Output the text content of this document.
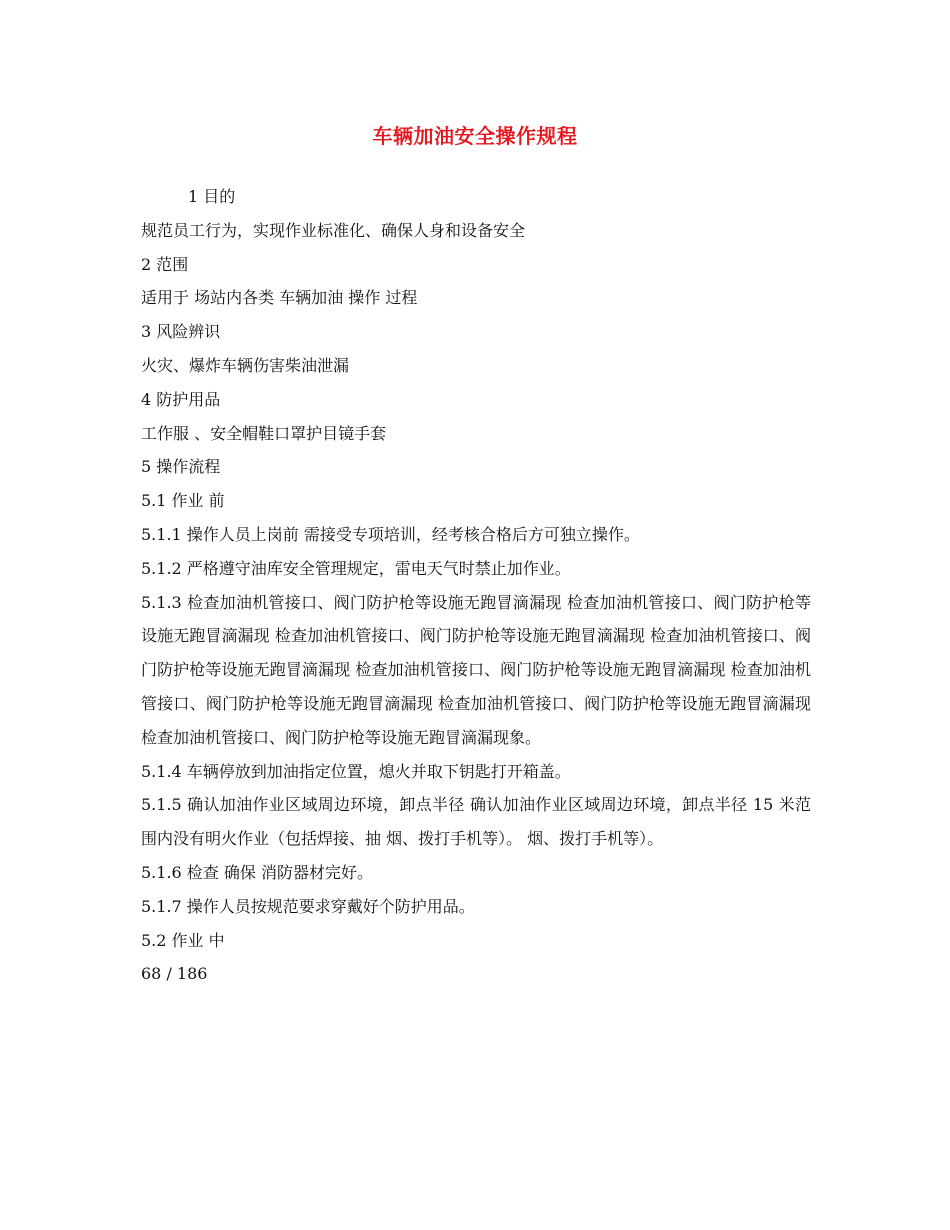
车辆加油安全操作规程

1 目的

规范员工行为，实现作业标准化、确保人身和设备安全

2 范围

适用于 场站内各类 车辆加油 操作 过程

3 风险辨识

火灾、爆炸车辆伤害柴油泄漏

4 防护用品

工作服 、安全帽鞋口罩护目镜手套

5 操作流程

5.1 作业 前

5.1.1 操作人员上岗前 需接受专项培训，经考核合格后方可独立操作。

5.1.2 严格遵守油库安全管理规定，雷电天气时禁止加作业。

5.1.3 检查加油机管接口、阀门防护枪等设施无跑冒滴漏现 检查加油机管接口、阀门防护枪等设施无跑冒滴漏现 检查加油机管接口、阀门防护枪等设施无跑冒滴漏现 检查加油机管接口、阀门防护枪等设施无跑冒滴漏现 检查加油机管接口、阀门防护枪等设施无跑冒滴漏现 检查加油机管接口、阀门防护枪等设施无跑冒滴漏现 检查加油机管接口、阀门防护枪等设施无跑冒滴漏现 检查加油机管接口、阀门防护枪等设施无跑冒滴漏现象。

5.1.4 车辆停放到加油指定位置，熄火并取下钥匙打开箱盖。

5.1.5 确认加油作业区域周边环境，卸点半径 确认加油作业区域周边环境，卸点半径 15 米范围内没有明火作业（包括焊接、抽 烟、拨打手机等）。 烟、拨打手机等）。

5.1.6 检查 确保 消防器材完好。

5.1.7 操作人员按规范要求穿戴好个防护用品。

5.2 作业 中

68 / 186
